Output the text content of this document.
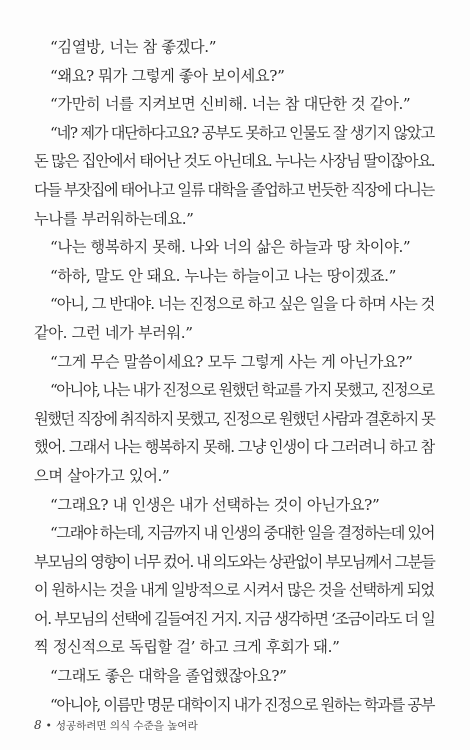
“김열방, 너는 참 좋겠다.”
“왜요? 뭐가 그렇게 좋아 보이세요?”
“가만히 너를 지켜보면 신비해. 너는 참 대단한 것 같아.”
“네? 제가 대단하다고요? 공부도 못하고 인물도 잘 생기지 않았고
돈 많은 집안에서 태어난 것도 아닌데요. 누나는 사장님 딸이잖아요.
다들 부잣집에 태어나고 일류 대학을 졸업하고 번듯한 직장에 다니는
누나를 부러워하는데요.”
“나는 행복하지 못해. 나와 너의 삶은 하늘과 땅 차이야.”
“하하, 말도 안 돼요. 누나는 하늘이고 나는 땅이겠죠.”
“아니, 그 반대야. 너는 진정으로 하고 싶은 일을 다 하며 사는 것
같아. 그런 네가 부러워.”
“그게 무슨 말씀이세요? 모두 그렇게 사는 게 아닌가요?”
“아니야, 나는 내가 진정으로 원했던 학교를 가지 못했고, 진정으로
원했던 직장에 취직하지 못했고, 진정으로 원했던 사람과 결혼하지 못
했어. 그래서 나는 행복하지 못해. 그냥 인생이 다 그러려니 하고 참
으며 살아가고 있어.”
“그래요? 내 인생은 내가 선택하는 것이 아닌가요?”
“그래야 하는데, 지금까지 내 인생의 중대한 일을 결정하는데 있어
부모님의 영향이 너무 컸어. 내 의도와는 상관없이 부모님께서 그분들
이 원하시는 것을 내게 일방적으로 시켜서 많은 것을 선택하게 되었
어. 부모님의 선택에 길들여진 거지. 지금 생각하면 ‘조금이라도 더 일
찍 정신적으로 독립할 걸’ 하고 크게 후회가 돼.”
“그래도 좋은 대학을 졸업했잖아요?”
“아니야, 이름만 명문 대학이지 내가 진정으로 원하는 학과를 공부
8 • 성공하려면 의식 수준을 높여라
